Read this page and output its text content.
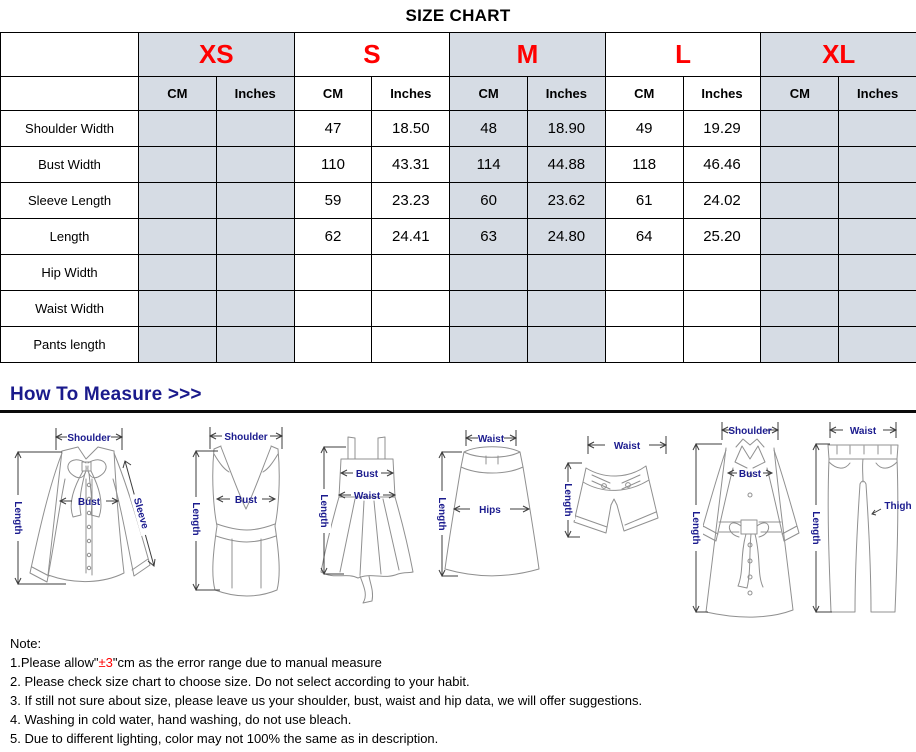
SIZE CHART
	XS		S		M		L		XL	
	CM	Inches	CM	Inches	CM	Inches	CM	Inches	CM	Inches
Shoulder Width			47	18.50	48	18.90	49	19.29		
Bust Width			110	43.31	114	44.88	118	46.46		
Sleeve Length			59	23.23	60	23.62	61	24.02		
Length			62	24.41	63	24.80	64	25.20		
Hip Width										
Waist Width										
Pants length										
How To Measure >>>
Shoulder
Bust
Length	Sleeve
Shoulder
Bust
Length
Bust
Waist
Length
Waist
Hips
Length
Waist
Length
Shoulder
Bust
Length
Waist
Thigh
Length
Note:
1.Please allow"±3"cm as the error range due to manual measure
2. Please check size chart to choose size. Do not select according to your habit.
3. If still not sure about size, please leave us your shoulder, bust, waist and hip data, we will offer suggestions.
4. Washing in cold water, hand washing, do not use bleach.
5. Due to different lighting, color may not 100% the same as in description.
